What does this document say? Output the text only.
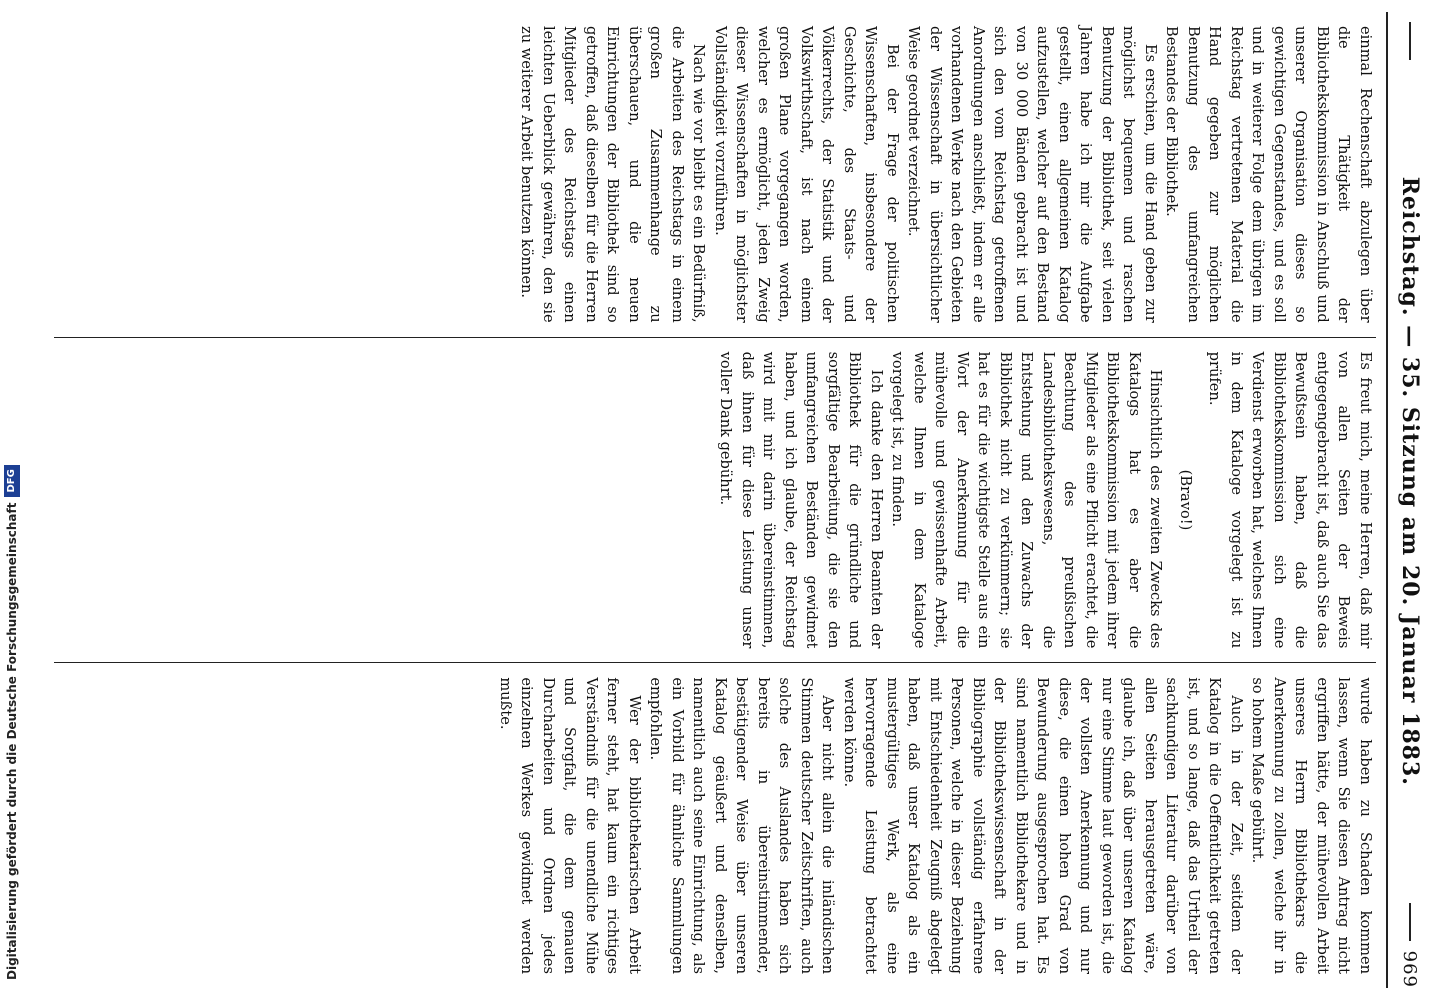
Reichstag. — 35. Sitzung am 20. Januar 1883.
969

einmal Rechenschaft abzulegen über die Thätigkeit der Bibliothekskommission in Anschluß und unserer Organisation dieses so gewichtigen Gegenstandes, und es soll und in weiterer Folge dem übrigen im Reichstag vertretenen Material die Hand gegeben zur möglichen Benutzung des umfangreichen Bestandes der Bibliothek.

Es erschien, um die Hand geben zur möglichst bequemen und raschen Benutzung der Bibliothek, seit vielen Jahren habe ich mir die Aufgabe gestellt, einen allgemeinen Katalog aufzustellen, welcher auf den Bestand von 30 000 Bänden gebracht ist und sich den vom Reichstag getroffenen Anordnungen anschließt, indem er alle vorhandenen Werke nach den Gebieten der Wissenschaft in übersichtlicher Weise geordnet verzeichnet.

Bei der Frage der politischen Wissenschaften, insbesondere der Geschichte, des Staats- und Völkerrechts, der Statistik und der Volkswirthschaft, ist nach einem großen Plane vorgegangen worden, welcher es ermöglicht, jeden Zweig dieser Wissenschaften in möglichster Vollständigkeit vorzuführen.

Nach wie vor bleibt es ein Bedürfniß, die Arbeiten des Reichstags in einem großen Zusammenhange zu überschauen, und die neuen Einrichtungen der Bibliothek sind so getroffen, daß dieselben für die Herren Mitglieder des Reichstags einen leichten Ueberblick gewähren, den sie zu weiterer Arbeit benutzen können.

Es freut mich, meine Herren, daß mir von allen Seiten der Beweis entgegengebracht ist, daß auch Sie das Bewußtsein haben, daß die Bibliothekskommission sich eine Verdienst erworben hat, welches Ihnen in dem Kataloge vorgelegt ist zu prüfen.

(Bravo!)

Hinsichtlich des zweiten Zwecks des Katalogs hat es aber die Bibliothekskommission mit jedem ihrer Mitglieder als eine Pflicht erachtet, die Beachtung des preußischen Landesbibliothekswesens, die Entstehung und den Zuwachs der Bibliothek nicht zu verkümmern; sie hat es für die wichtigste Stelle aus ein Wort der Anerkennung für die mühevolle und gewissenhafte Arbeit, welche Ihnen in dem Kataloge vorgelegt ist, zu finden.

Ich danke den Herren Beamten der Bibliothek für die gründliche und sorgfältige Bearbeitung, die sie den umfangreichen Beständen gewidmet haben, und ich glaube, der Reichstag wird mit mir darin übereinstimmen, daß ihnen für diese Leistung unser voller Dank gebührt.

wurde haben zu Schaden kommen lassen, wenn Sie diesen Antrag nicht ergriffen hätte, der mühevollen Arbeit unseres Herrn Bibliothekars die Anerkennung zu zollen, welche ihr in so hohem Maße gebührt.

Auch in der Zeit, seitdem der Katalog in die Oeffentlichkeit getreten ist, und so lange, daß das Urtheil der sachkundigen Literatur darüber von allen Seiten herausgetreten wäre, glaube ich, daß über unseren Katalog nur eine Stimme laut geworden ist, die der vollsten Anerkennung und nur diese, die einen hohen Grad von Bewunderung ausgesprochen hat. Es sind namentlich Bibliothekare und in der Bibliothekswissenschaft in der Bibliographie vollständig erfahrene Personen, welche in dieser Beziehung mit Entschiedenheit Zeugniß abgelegt haben, daß unser Katalog als ein mustergültiges Werk, als eine hervorragende Leistung betrachtet werden könne.

Aber nicht allein die inländischen Stimmen deutscher Zeitschriften, auch solche des Auslandes haben sich bereits in übereinstimmender, bestätigender Weise über unseren Katalog geäußert und denselben, namentlich auch seine Einrichtung, als ein Vorbild für ähnliche Sammlungen empfohlen.

Wer der bibliothekarischen Arbeit ferner steht, hat kaum ein richtiges Verständniß für die unendliche Mühe und Sorgfalt, die dem genauen Durcharbeiten und Ordnen jedes einzelnen Werkes gewidmet werden mußte.

Digitalisierung gefördert durch die Deutsche Forschungsgemeinschaft
DFG
